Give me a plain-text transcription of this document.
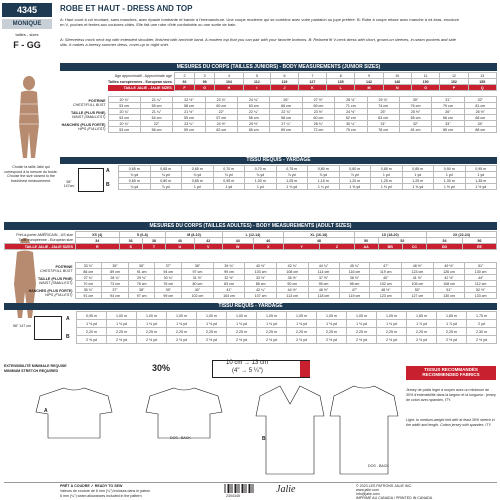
4345
MONIQUE
tailles - sizes
F - GG
ROBE ET HAUT - DRESS AND TOP
A: Haut court à col montant, sans manches, avec épaule tombante et bande à l'emmanchure. Une coupe moderne qui se combine avec votre pantalon ou jupe préféré. B: Robe à coupe relaxe avec manche à mi-bras, encolure en V, poches et fentes aux coutures côtés. Elle fait une robe d'été confortable ou une sortie de bain.
A: Sleeveless mock neck top with extended shoulder, finished with armhole band. A modern top that you can pair with your favorite bottoms. B: Relaxed fit V-neck dress with short, grown-on sleeves, in-seam pockets and side slits. It makes a breezy summer dress, cover-up or night shirt.
MESURES DU CORPS (TAILLES JUNIORS) - BODY MEASUREMENTS (JUNIOR SIZES)
Âge approximatif - Approximate age	2	3	4	5	6	7	8	9	10	11	12	13
Tailles européennes - European sizes	92	98	104	112	119	127	135	142	146	150	152	155
TAILLE JALIE - JALIE SIZES	F	G	H	I	J	K	L	M	N	O	P	Q
POITRINE
CHEST/FULL BUST	20 ¾"	21 ¼"	22 ½"	23 ¾"	24 ¾"	26"	27 ½"	28 ¾"	29 ¾"	30"	31"	32"
	53 cm	55 cm	58 cm	60 cm	63 cm	66 cm	69 cm	71 cm	74 cm	76 cm	79 cm	81 cm
TAILLE (PLUS FINE)
WAIST (SMALLEST)	20 ¾"	21 ¼"	21 ½"	22"	22 ¼"	22 ¾"	23 ½"	24 ½"	25"	25 ½"	26"	26 ½"
	53 cm	54 cm	55 cm	57 cm	56 cm	58 cm	60 cm	62 cm	63 cm	65 cm	66 cm	68 cm
HANCHES (PLUS FORTE)
HIPS (FULLEST)	20 ¾"	22"	23 ¼"	24 ½"	25 ½"	27 ¼"	28 ¾"	30 ¼"	31"	32"	33"	34"
	53 cm	56 cm	59 cm	62 cm	65 cm	69 cm	72 cm	75 cm	78 cm	81 cm	85 cm	88 cm
TISSU REQUIS - YARDAGE
Choisir la taille Jalie qui correspond à la mesure du buste. Choose the size closest to the bust/chest measurement.	58" 147cm
A
B
0,65 m	0,65 m	0,65 m	0,70 m	0,70 m	0,75 m	0,80 m	0,80 m	0,85 m	0,85 m	0,90 m	0,95 m
¾ yd	¾ yd	¾ yd	¾ yd	¾ yd	⅞ yd	⅞ yd	⅞ yd	1 yd	1 yd	1 yd	1 yd
0,65 m	0,80 m	0,85 m	0,95 m	1,00 m	1,05 m	1,15 m	1,20 m	1,25 m	1,25 m	1,30 m	1,35 m
¾ yd	⅞ yd	1 yd	1 yd	1 yd	1 ⅛ yd	1 ¼ yd	1 ⅜ yd	1 ⅜ yd	1 ⅜ yd	1 ½ yd	1 ½ yd
MESURES DU CORPS (TAILLES ADULTES) - BODY MEASUREMENTS (ADULT SIZES)
Prêt-à-porter AMÉRICAIN - US size	XS (4)	S (6-8)		M (8-10)		L (12-14)		XL (16-18)		1X (18-20)			2X (22-24)	
Taille européenne - European size	34	36	38	40	42	44	46	48		50	52		54	56
TAILLE JALIE - JALIE SIZES	R	S	T	U	V	W	X	Y	Z	AA	BB	CC	DD	EE
POITRINE
CHEST/FULL BUST	33 ¾"	35"	36"	37"	38"	39 ¾"	40 ½"	42 ¾"	44 ¾"	45 ¾"	47"	48 ½"	49 ½"	51"
	86 cm	89 cm	91 cm	94 cm	97 cm	99 cm	103 cm	108 cm	114 cm	116 cm	119 cm	123 cm	126 cm	130 cm
TAILLE (PLUS FINE)
WAIST (SMALLEST)	27 ¾"	28 ¾"	29 ¾"	30 ¾"	31 ½"	32 ½"	33 ½"	35 ½"	37 ½"	38 ½"	40"	41 ½"	42 ½"	44"
	70 cm	73 cm	76 cm	78 cm	80 cm	83 cm	85 cm	90 cm	95 cm	98 cm	102 cm	105 cm	108 cm	112 cm
HANCHES (PLUS FORTE)
HIPS (FULLEST)	35 ¾"	37"	38"	39"	40"	41"	42 ¼"	44 ½"	46 ½"	47"	48 ½"	50"	51"	52 ½"
	91 cm	94 cm	97 cm	99 cm	102 cm	104 cm	107 cm	113 cm	118 cm	119 cm	123 cm	127 cm	130 cm	133 cm
TISSU REQUIS - YARDAGE
58" 147 cm
A
B
0,95 m	1,00 m	1,00 m	1,00 m	1,00 m	1,00 m	1,05 m	1,05 m	1,05 m	1,05 m	1,05 m	1,65 m	1,65 m	1,75 m
1 ⅛ yd	1 ⅛ yd	1 ⅛ yd	1 ⅛ yd	1 ⅛ yd	1 ⅛ yd	1 ⅛ yd	1 ⅛ yd	1 ⅛ yd	1 ⅛ yd	1 ⅛ yd	1 ⅞ yd	1 ⅞ yd	2 yd
2,20 m	2,25 m	2,25 m	2,25 m	2,25 m	2,25 m	2,25 m	2,25 m	2,25 m	2,25 m	2,25 m	2,25 m	2,25 m	2,30 m
2 ⅜ yd	2 ½ yd	2 ½ yd	2 ½ yd	2 ½ yd	2 ½ yd	2 ½ yd	2 ½ yd	2 ½ yd	2 ½ yd	2 ½ yd	2 ½ yd	2 ½ yd	2 ½ yd
EXTENSIBILITÉ MINIMALE REQUISE
MINIMUM STRETCH REQUIRED	30%	10 cm → 13 cm
(4" → 5 ¼")	TISSUS RECOMMANDÉS
RECOMMENDED FABRICS
Jersey de poids léger à moyen avec un minimum de 30% d'extensibilité dans la largeur et la longueur : jersey de coton avec spandex, ITY.
Light- to medium-weight knit with at least 30% stretch in the width and length. Cotton jersey with spandex, ITY.
A
DOS - BACK	B
DOS - BACK
PRÊT À COUDRE ✓ READY TO SEW
Valeurs de couture de 6 mm (¼") incluses dans le patron
6 mm (¼") seam allowances included in the pattern	2304345
Jalie	© 2023 LES PATRONS JALIE INC.
www.jalie.com
info@jalie.com
IMPRIMÉ AU CANADA / PRINTED IN CANADA
